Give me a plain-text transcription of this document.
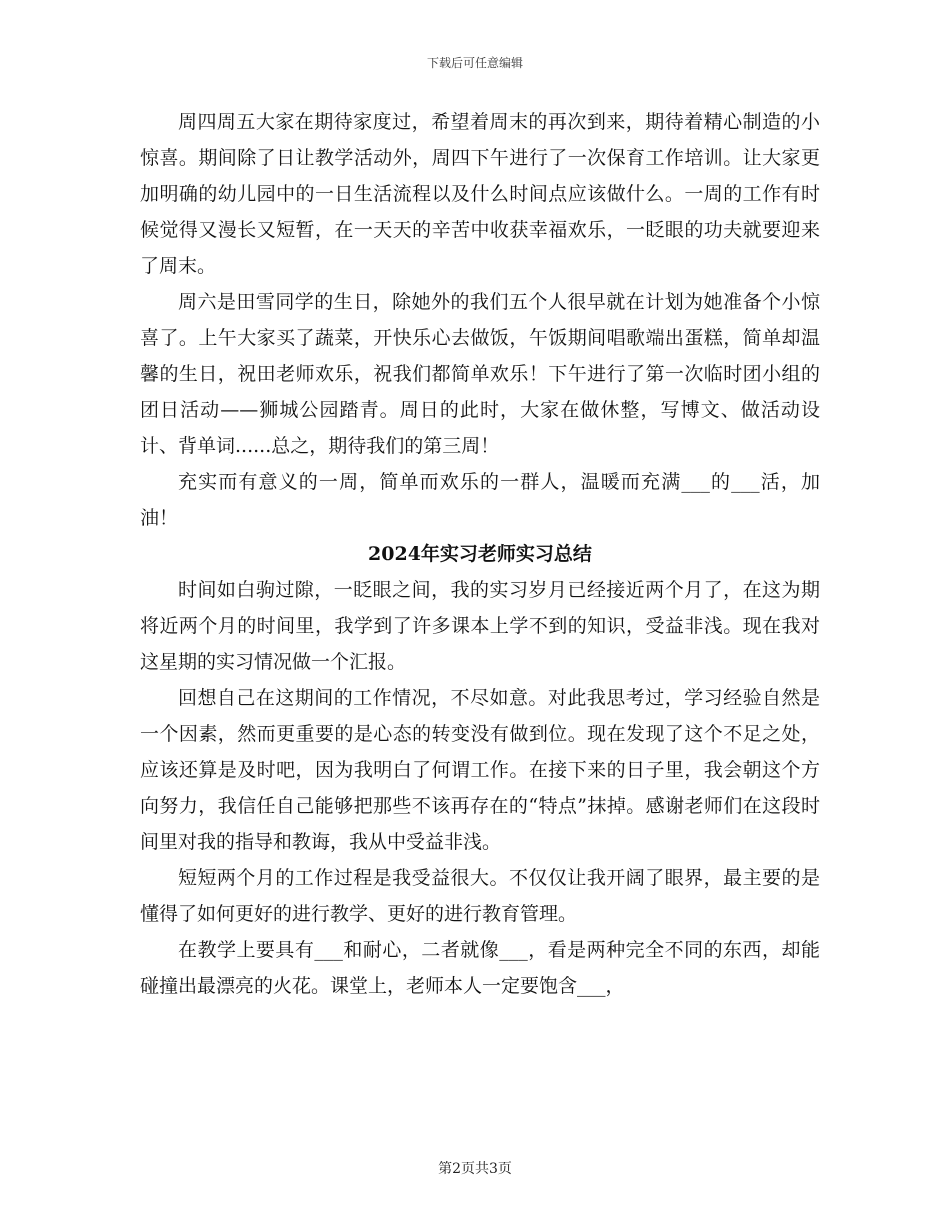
下载后可任意编辑

周四周五大家在期待家度过，希望着周末的再次到来，期待着精心制造的小惊喜。期间除了日让教学活动外，周四下午进行了一次保育工作培训。让大家更加明确的幼儿园中的一日生活流程以及什么时间点应该做什么。一周的工作有时候觉得又漫长又短暂，在一天天的辛苦中收获幸福欢乐，一眨眼的功夫就要迎来了周末。

周六是田雪同学的生日，除她外的我们五个人很早就在计划为她准备个小惊喜了。上午大家买了蔬菜，开快乐心去做饭，午饭期间唱歌端出蛋糕，简单却温馨的生日，祝田老师欢乐，祝我们都简单欢乐！下午进行了第一次临时团小组的团日活动——狮城公园踏青。周日的此时，大家在做休整，写博文、做活动设计、背单词......总之，期待我们的第三周！

充实而有意义的一周，简单而欢乐的一群人，温暖而充满___的___活，加油！

2024年实习老师实习总结

时间如白驹过隙，一眨眼之间，我的实习岁月已经接近两个月了，在这为期将近两个月的时间里，我学到了许多课本上学不到的知识，受益非浅。现在我对这星期的实习情况做一个汇报。

回想自己在这期间的工作情况，不尽如意。对此我思考过，学习经验自然是一个因素，然而更重要的是心态的转变没有做到位。现在发现了这个不足之处，应该还算是及时吧，因为我明白了何谓工作。在接下来的日子里，我会朝这个方向努力，我信任自己能够把那些不该再存在的“特点”抹掉。感谢老师们在这段时间里对我的指导和教诲，我从中受益非浅。

短短两个月的工作过程是我受益很大。不仅仅让我开阔了眼界，最主要的是懂得了如何更好的进行教学、更好的进行教育管理。

在教学上要具有___和耐心，二者就像___，看是两种完全不同的东西，却能碰撞出最漂亮的火花。课堂上，老师本人一定要饱含___，

第2页共3页
